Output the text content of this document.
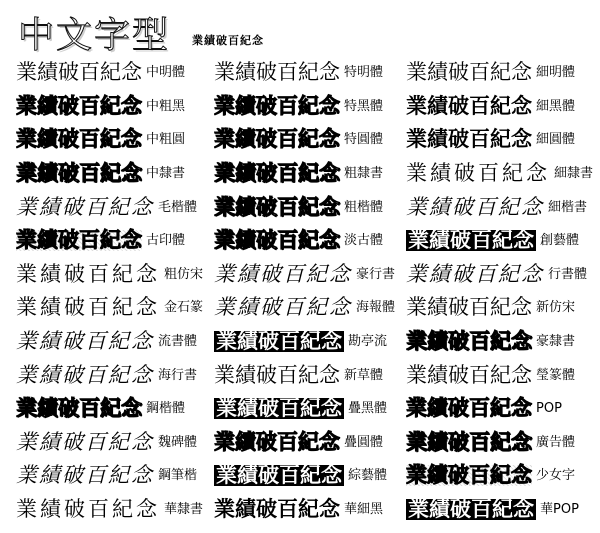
中文字型 業績破百紀念
業績破百紀念 中明體 業績破百紀念 特明體 業績破百紀念 細明體
業績破百紀念 中粗黑 業績破百紀念 特黑體 業績破百紀念 細黑體
業績破百紀念 中粗圓 業績破百紀念 特圓體 業績破百紀念 細圓體
業績破百紀念 中隸書 業績破百紀念 粗隸書 業績破百紀念 細隸書
業績破百紀念 毛楷體 業績破百紀念 粗楷體 業績破百紀念 細楷書
業績破百紀念 古印體 業績破百紀念 淡古體 業績破百紀念 創藝體
業績破百紀念 粗仿宋 業績破百紀念 豪行書 業績破百紀念 行書體
業績破百紀念 金石篆 業績破百紀念 海報體 業績破百紀念 新仿宋
業績破百紀念 流書體 業績破百紀念 勘亭流 業績破百紀念 豪隸書
業績破百紀念 海行書 業績破百紀念 新草體 業績破百紀念 瑩篆體
業績破百紀念 鋼楷體 業績破百紀念 疊黑體 業績破百紀念 POP
業績破百紀念 魏碑體 業績破百紀念 疊圓體 業績破百紀念 廣告體
業績破百紀念 鋼筆楷 業績破百紀念 綜藝體 業績破百紀念 少女字
業績破百紀念 華隸書 業績破百紀念 華細黑 業績破百紀念 華POP
